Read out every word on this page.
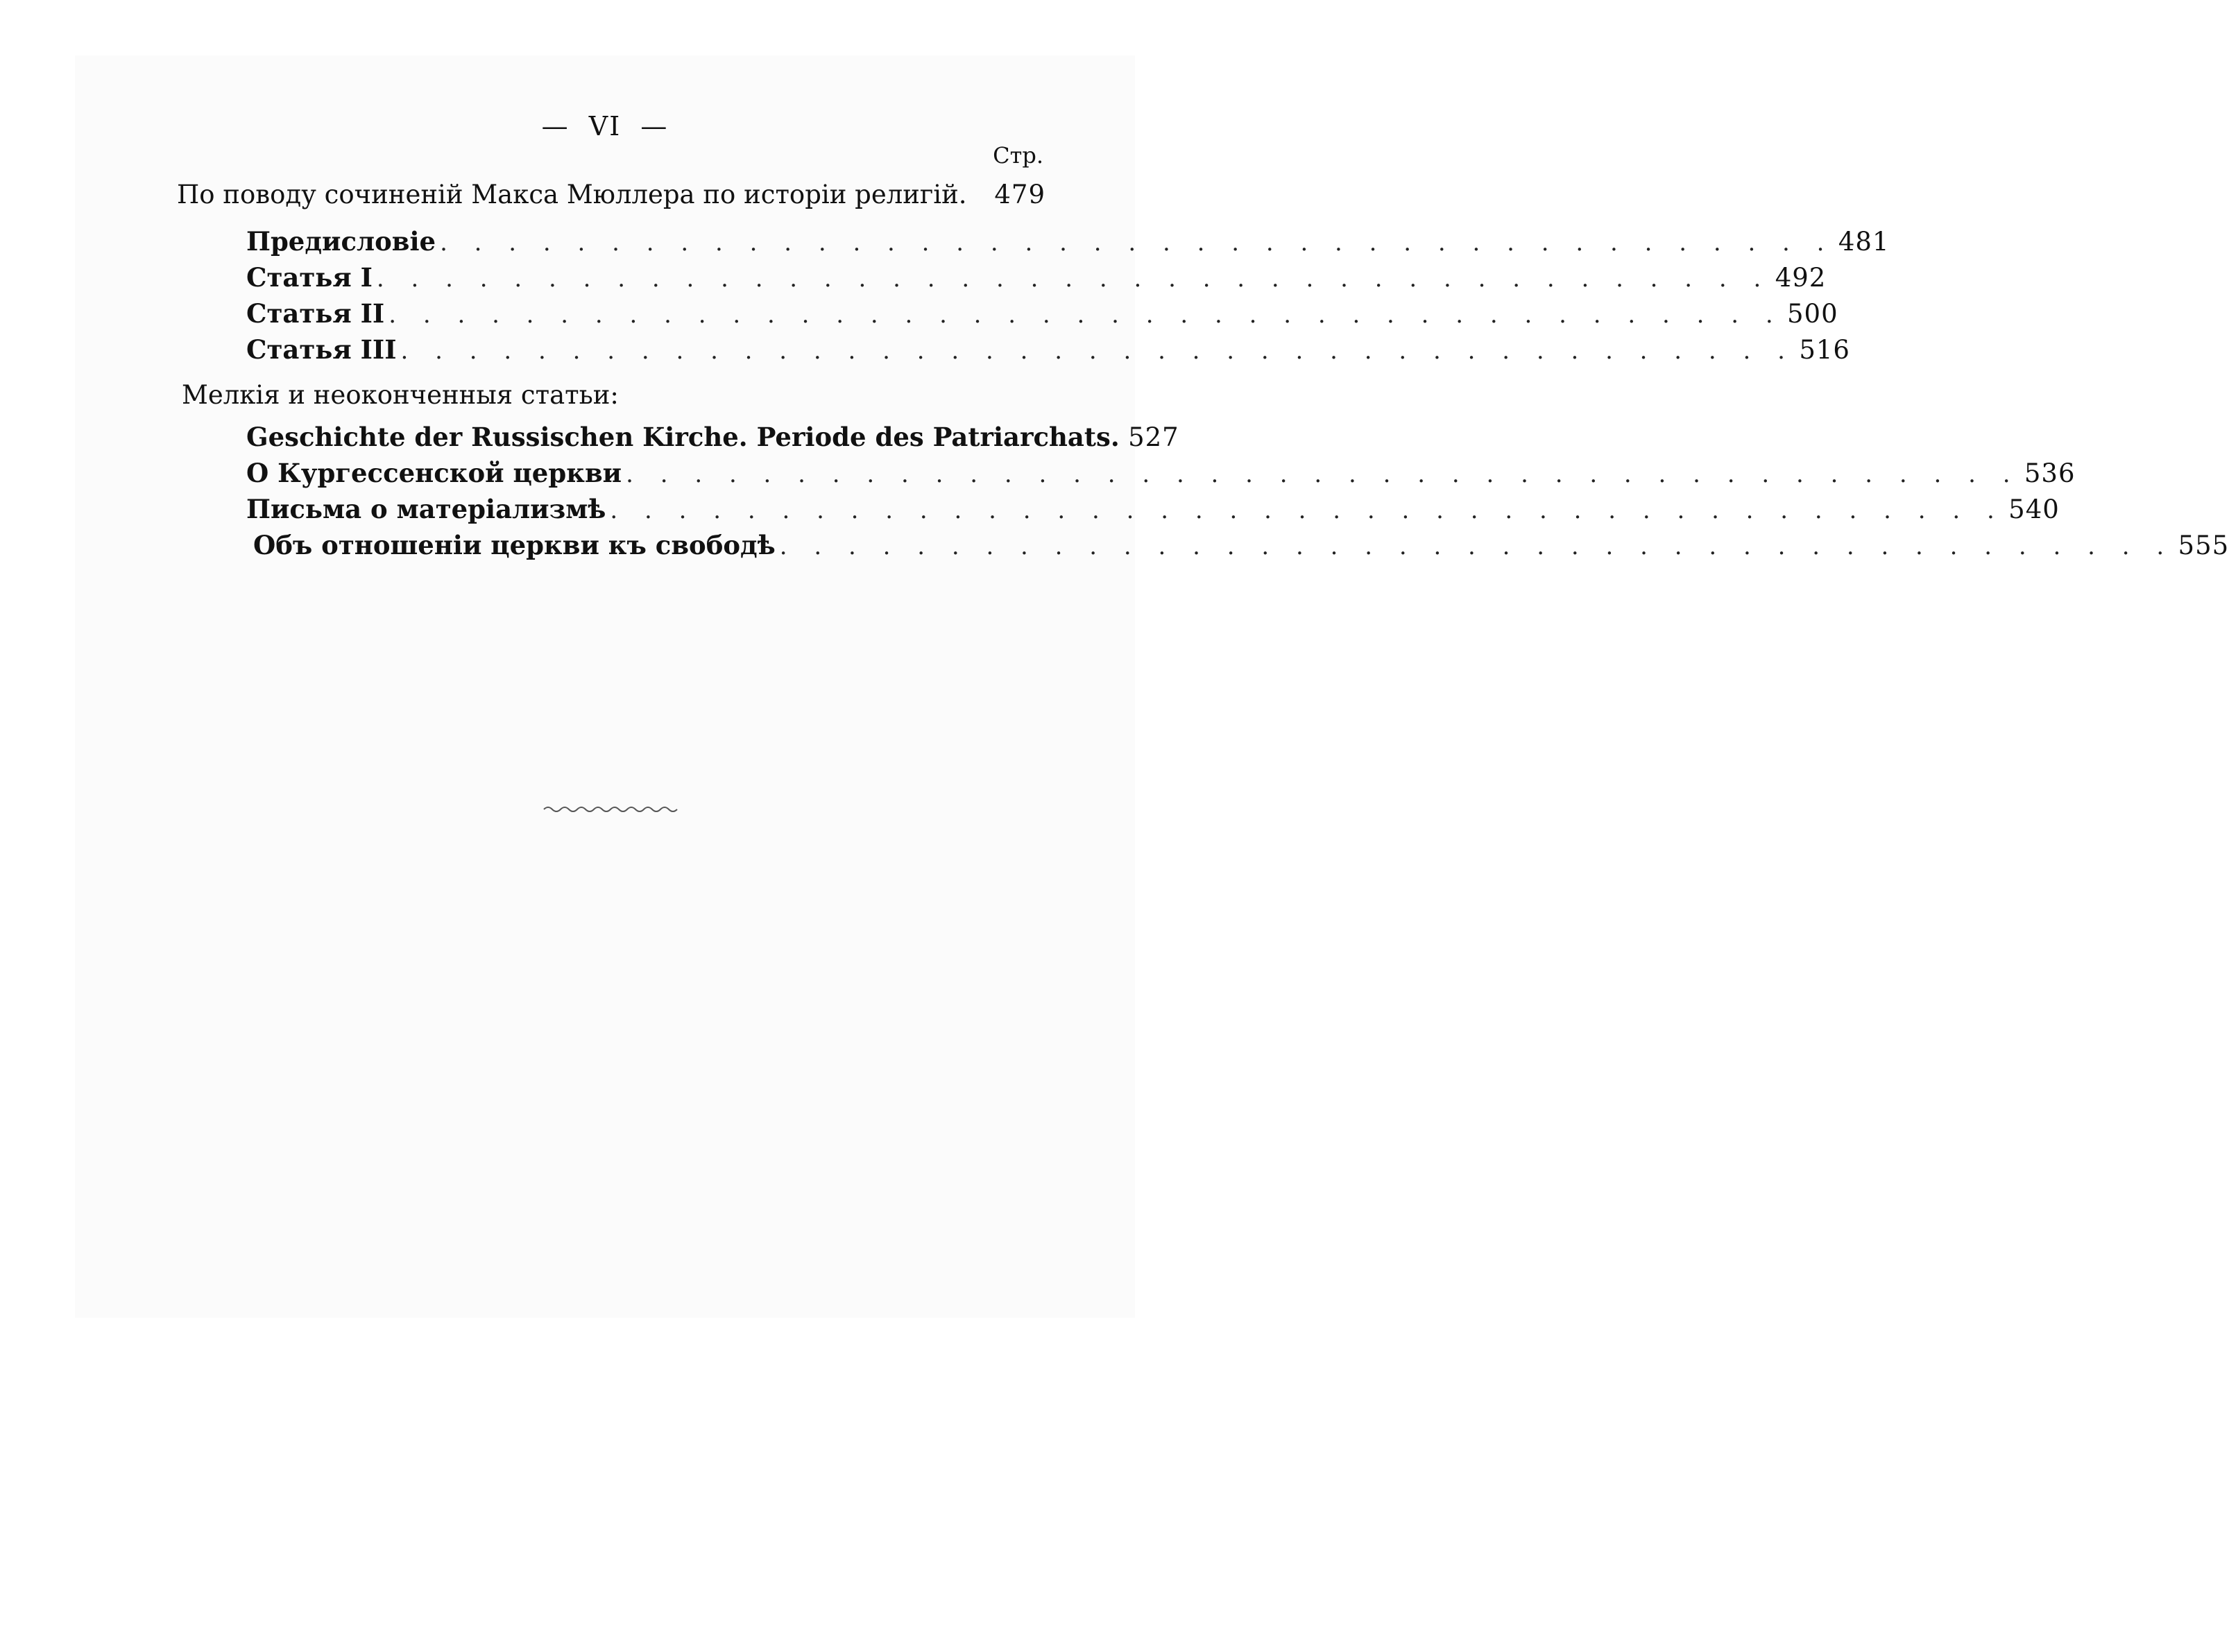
— VI —
Стр.
По поводу сочиненій Макса Мюллера по исторіи религій. 479
Предисловіе . . . . . . . . . . . . . . . . . . . . . . . . . . . . . . . . . . . . . . . . . 481
Статья I . . . . . . . . . . . . . . . . . . . . . . . . . . . . . . . . . . . . . . . . . 492
Статья II . . . . . . . . . . . . . . . . . . . . . . . . . . . . . . . . . . . . . . . . . 500
Статья III . . . . . . . . . . . . . . . . . . . . . . . . . . . . . . . . . . . . . . . . . 516
Мелкія и неоконченныя статьи:
Geschichte der Russischen Kirche. Periode des Patriarchats. 527
О Кургессенской церкви . . . . . . . . . . . . . . . . . . . . . . . . . . . . . . . . . . . . . . . . . 536
Письма о матеріализмѣ . . . . . . . . . . . . . . . . . . . . . . . . . . . . . . . . . . . . . . . . . 540
Объ отношеніи церкви къ свободѣ . . . . . . . . . . . . . . . . . . . . . . . . . . . . . . . . . . . . . . . . . 555
